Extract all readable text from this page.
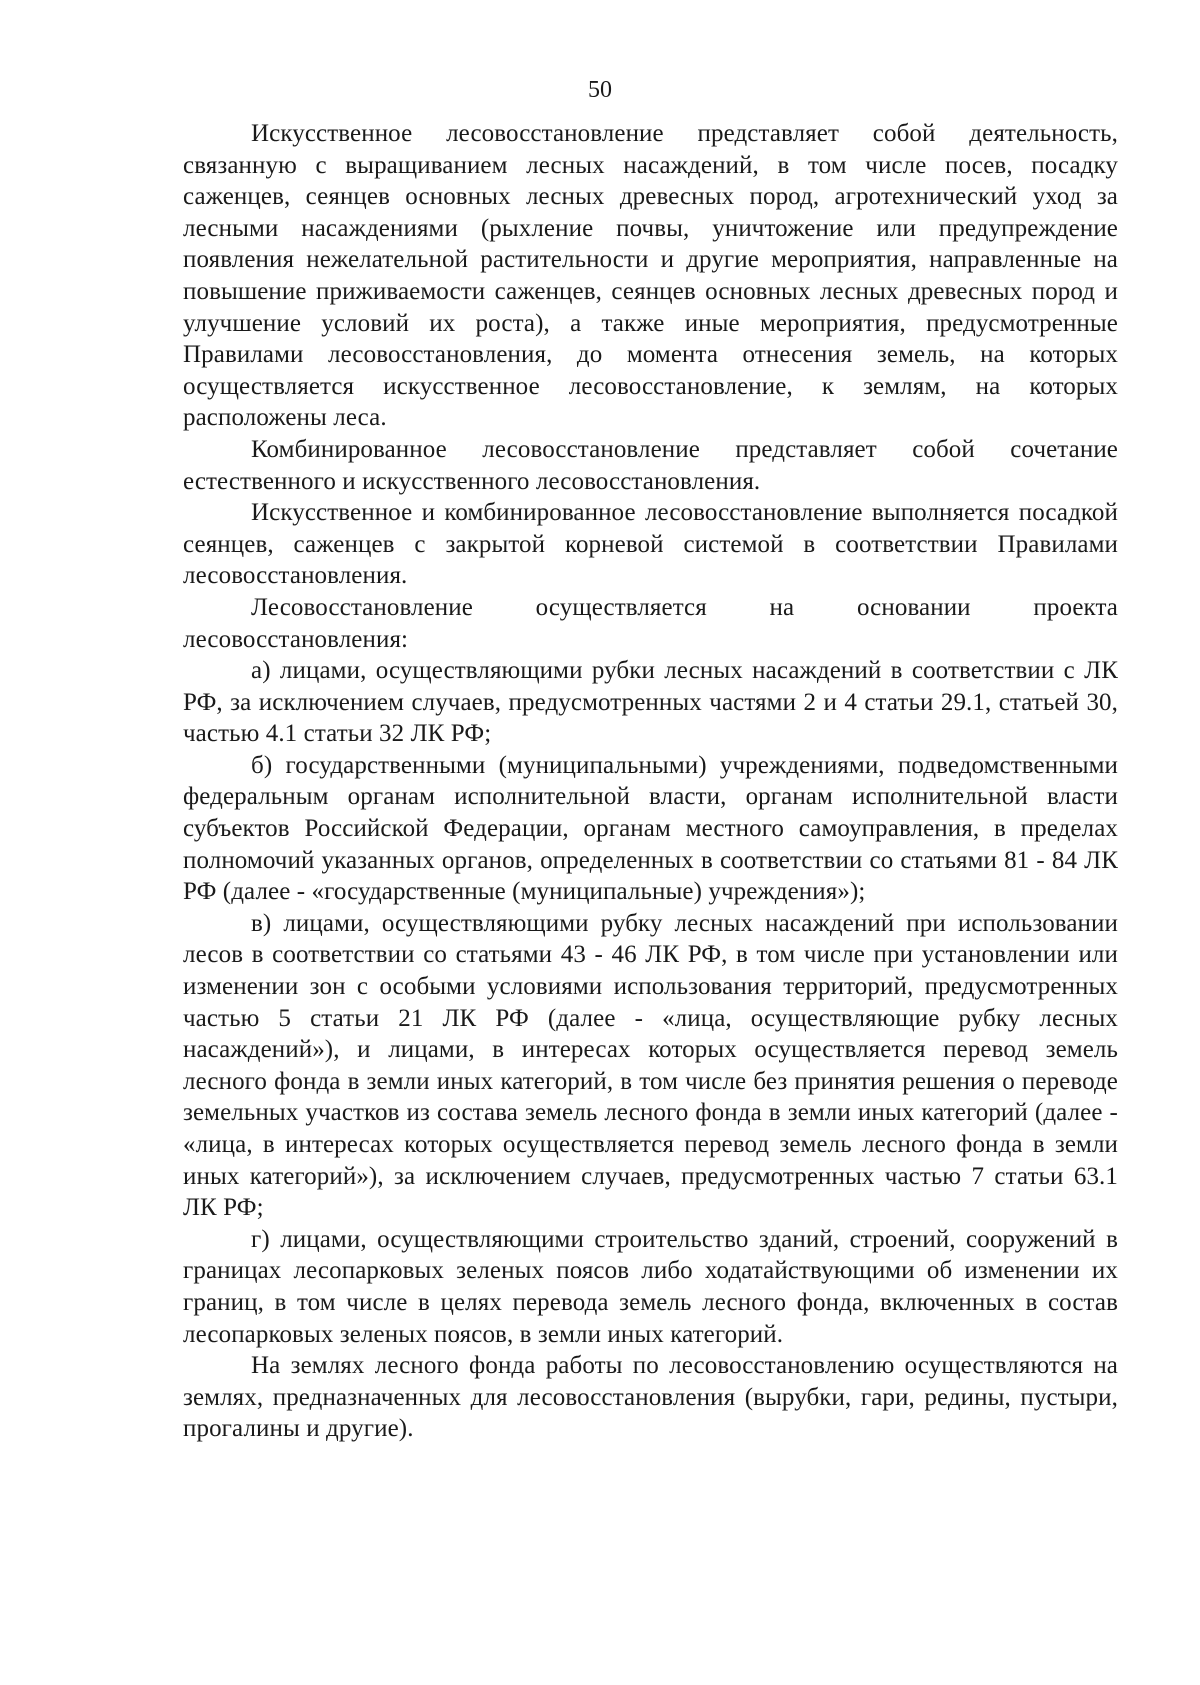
50

Искусственное лесовосстановление представляет собой деятельность, связанную с выращиванием лесных насаждений, в том числе посев, посадку саженцев, сеянцев основных лесных древесных пород, агротехнический уход за лесными насаждениями (рыхление почвы, уничтожение или предупреждение появления нежелательной растительности и другие мероприятия, направленные на повышение приживаемости саженцев, сеянцев основных лесных древесных пород и улучшение условий их роста), а также иные мероприятия, предусмотренные Правилами лесовосстановления, до момента отнесения земель, на которых осуществляется искусственное лесовосстановление, к землям, на которых расположены леса.

Комбинированное лесовосстановление представляет собой сочетание естественного и искусственного лесовосстановления.

Искусственное и комбинированное лесовосстановление выполняется посадкой сеянцев, саженцев с закрытой корневой системой в соответствии Правилами лесовосстановления.

Лесовосстановление осуществляется на основании проекта лесовосстановления:

а) лицами, осуществляющими рубки лесных насаждений в соответствии с ЛК РФ, за исключением случаев, предусмотренных частями 2 и 4 статьи 29.1, статьей 30, частью 4.1 статьи 32 ЛК РФ;

б) государственными (муниципальными) учреждениями, подведомственными федеральным органам исполнительной власти, органам исполнительной власти субъектов Российской Федерации, органам местного самоуправления, в пределах полномочий указанных органов, определенных в соответствии со статьями 81 - 84 ЛК РФ (далее - «государственные (муниципальные) учреждения»);

в) лицами, осуществляющими рубку лесных насаждений при использовании лесов в соответствии со статьями 43 - 46 ЛК РФ, в том числе при установлении или изменении зон с особыми условиями использования территорий, предусмотренных частью 5 статьи 21 ЛК РФ (далее - «лица, осуществляющие рубку лесных насаждений»), и лицами, в интересах которых осуществляется перевод земель лесного фонда в земли иных категорий, в том числе без принятия решения о переводе земельных участков из состава земель лесного фонда в земли иных категорий (далее - «лица, в интересах которых осуществляется перевод земель лесного фонда в земли иных категорий»), за исключением случаев, предусмотренных частью 7 статьи 63.1 ЛК РФ;

г) лицами, осуществляющими строительство зданий, строений, сооружений в границах лесопарковых зеленых поясов либо ходатайствующими об изменении их границ, в том числе в целях перевода земель лесного фонда, включенных в состав лесопарковых зеленых поясов, в земли иных категорий.

На землях лесного фонда работы по лесовосстановлению осуществляются на землях, предназначенных для лесовосстановления (вырубки, гари, редины, пустыри, прогалины и другие).
